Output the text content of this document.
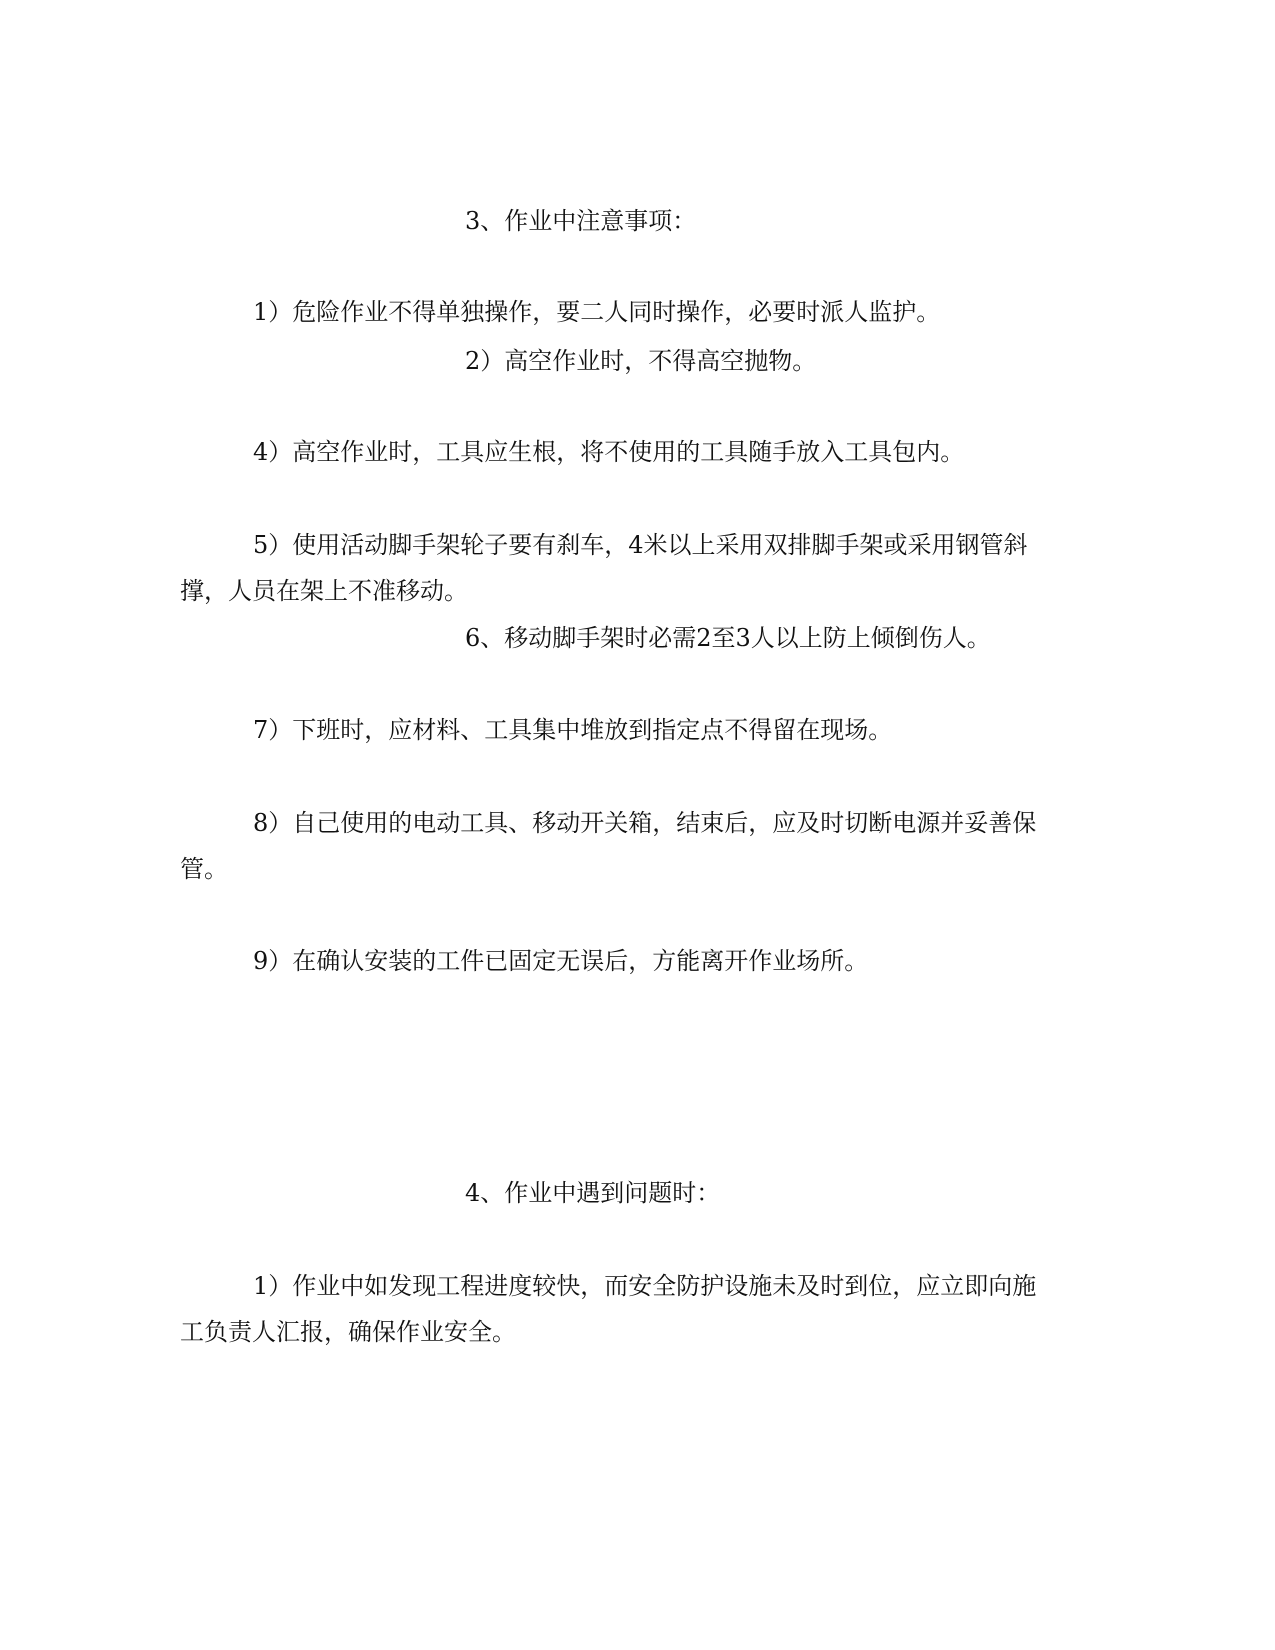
3、作业中注意事项：
1）危险作业不得单独操作，要二人同时操作，必要时派人监护。
2）高空作业时，不得高空抛物。
4）高空作业时，工具应生根，将不使用的工具随手放入工具包内。
5）使用活动脚手架轮子要有刹车，4米以上采用双排脚手架或采用钢管斜
撑，人员在架上不准移动。
6、移动脚手架时必需2至3人以上防上倾倒伤人。
7）下班时，应材料、工具集中堆放到指定点不得留在现场。
8）自己使用的电动工具、移动开关箱，结束后，应及时切断电源并妥善保
管。
9）在确认安装的工件已固定无误后，方能离开作业场所。
4、作业中遇到问题时：
1）作业中如发现工程进度较快，而安全防护设施未及时到位，应立即向施
工负责人汇报，确保作业安全。
